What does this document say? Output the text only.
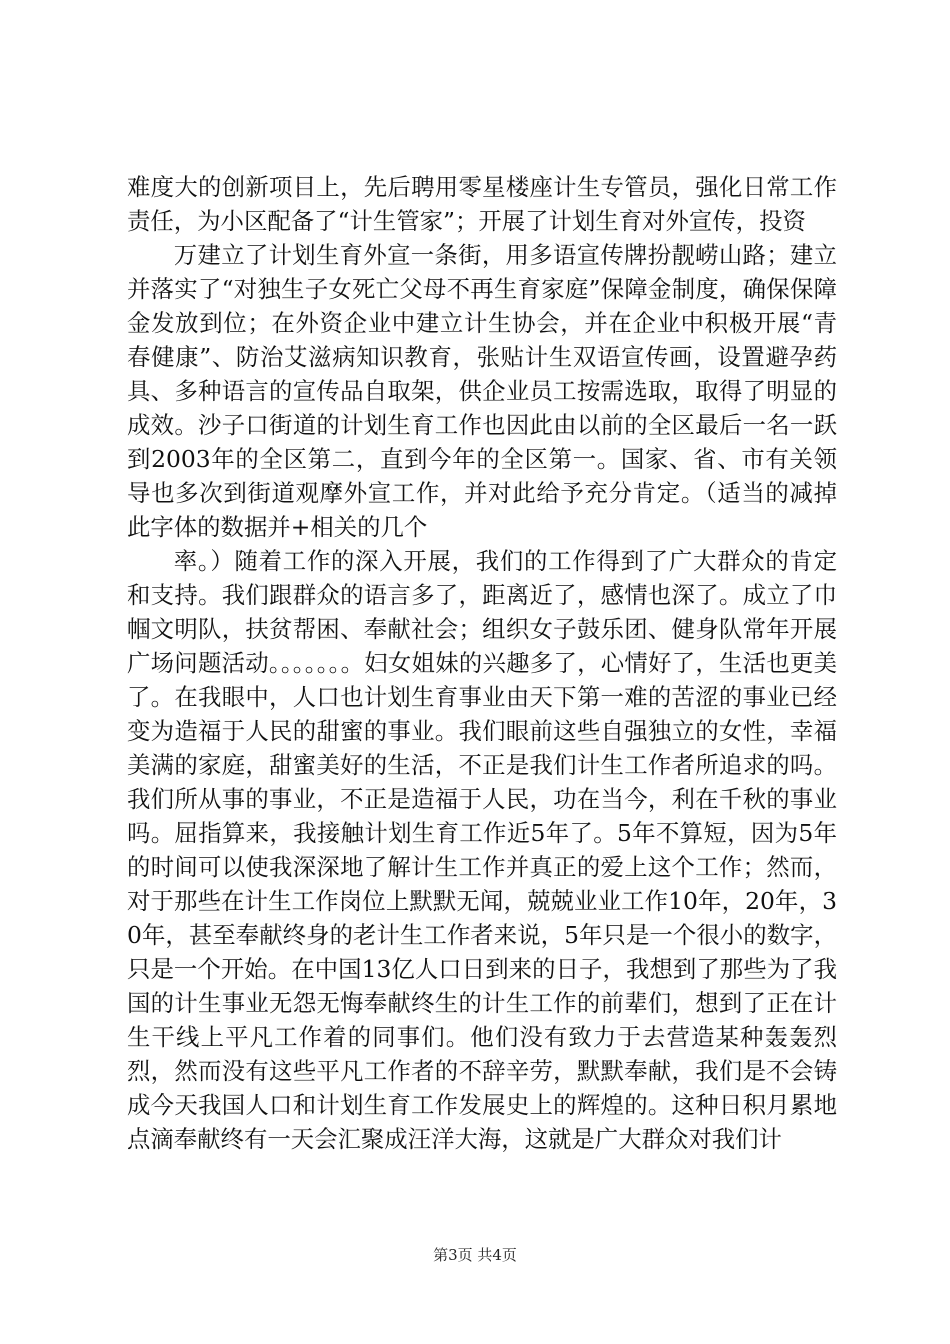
难度大的创新项目上，先后聘用零星楼座计生专管员，强化日常工作责任，为小区配备了“计生管家”；开展了计划生育对外宣传，投资

万建立了计划生育外宣一条街，用多语宣传牌扮靓崂山路；建立并落实了“对独生子女死亡父母不再生育家庭”保障金制度，确保保障金发放到位；在外资企业中建立计生协会，并在企业中积极开展“青春健康”、防治艾滋病知识教育，张贴计生双语宣传画，设置避孕药具、多种语言的宣传品自取架，供企业员工按需选取，取得了明显的成效。沙子口街道的计划生育工作也因此由以前的全区最后一名一跃到2003年的全区第二，直到今年的全区第一。国家、省、市有关领导也多次到街道观摩外宣工作，并对此给予充分肯定。（适当的减掉此字体的数据并+相关的几个

率。）随着工作的深入开展，我们的工作得到了广大群众的肯定和支持。我们跟群众的语言多了，距离近了，感情也深了。成立了巾帼文明队，扶贫帮困、奉献社会；组织女子鼓乐团、健身队常年开展广场问题活动。。。。。。。妇女姐妹的兴趣多了，心情好了，生活也更美了。在我眼中，人口也计划生育事业由天下第一难的苦涩的事业已经变为造福于人民的甜蜜的事业。我们眼前这些自强独立的女性，幸福美满的家庭，甜蜜美好的生活，不正是我们计生工作者所追求的吗。我们所从事的事业，不正是造福于人民，功在当今，利在千秋的事业吗。屈指算来，我接触计划生育工作近5年了。5年不算短，因为5年的时间可以使我深深地了解计生工作并真正的爱上这个工作；然而，对于那些在计生工作岗位上默默无闻，兢兢业业工作10年，20年，30年，甚至奉献终身的老计生工作者来说，5年只是一个很小的数字，只是一个开始。在中国13亿人口日到来的日子，我想到了那些为了我国的计生事业无怨无悔奉献终生的计生工作的前辈们，想到了正在计生干线上平凡工作着的同事们。他们没有致力于去营造某种轰轰烈烈，然而没有这些平凡工作者的不辞辛劳，默默奉献，我们是不会铸成今天我国人口和计划生育工作发展史上的辉煌的。这种日积月累地点滴奉献终有一天会汇聚成汪洋大海，这就是广大群众对我们计

第3页 共4页
